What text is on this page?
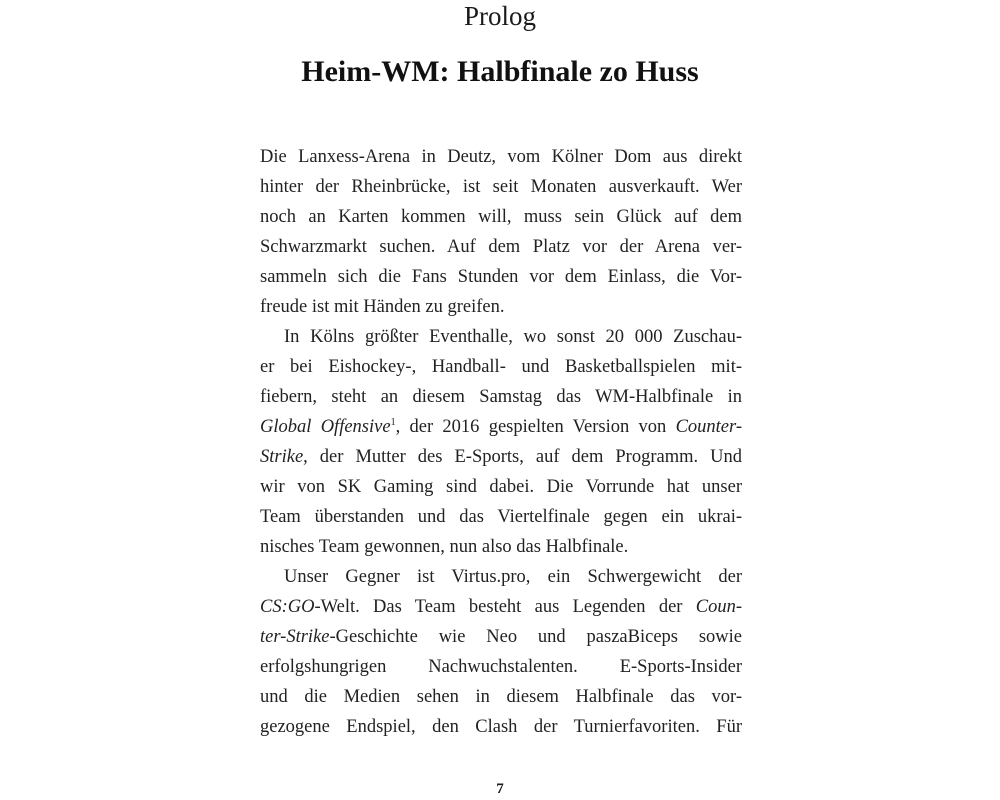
Prolog
Heim-WM: Halbfinale zo Huss
Die Lanxess-Arena in Deutz, vom Kölner Dom aus direkt
hinter der Rheinbrücke, ist seit Monaten ausverkauft. Wer
noch an Karten kommen will, muss sein Glück auf dem
Schwarzmarkt suchen. Auf dem Platz vor der Arena ver-
sammeln sich die Fans Stunden vor dem Einlass, die Vor-
freude ist mit Händen zu greifen.
In Kölns größter Eventhalle, wo sonst 20 000 Zuschau-
er bei Eishockey-, Handball- und Basketballspielen mit-
fiebern, steht an diesem Samstag das WM-Halbfinale in
Global Offensive$^1$, der 2016 gespielten Version von Counter-
Strike, der Mutter des E-Sports, auf dem Programm. Und
wir von SK Gaming sind dabei. Die Vorrunde hat unser
Team überstanden und das Viertelfinale gegen ein ukrai-
nisches Team gewonnen, nun also das Halbfinale.
Unser Gegner ist Virtus.pro, ein Schwergewicht der
CS:GO-Welt. Das Team besteht aus Legenden der Coun-
ter-Strike-Geschichte wie Neo und paszaBiceps sowie
erfolgshungrigen Nachwuchstalenten. E-Sports-Insider
und die Medien sehen in diesem Halbfinale das vor-
gezogene Endspiel, den Clash der Turnierfavoriten. Für
7
